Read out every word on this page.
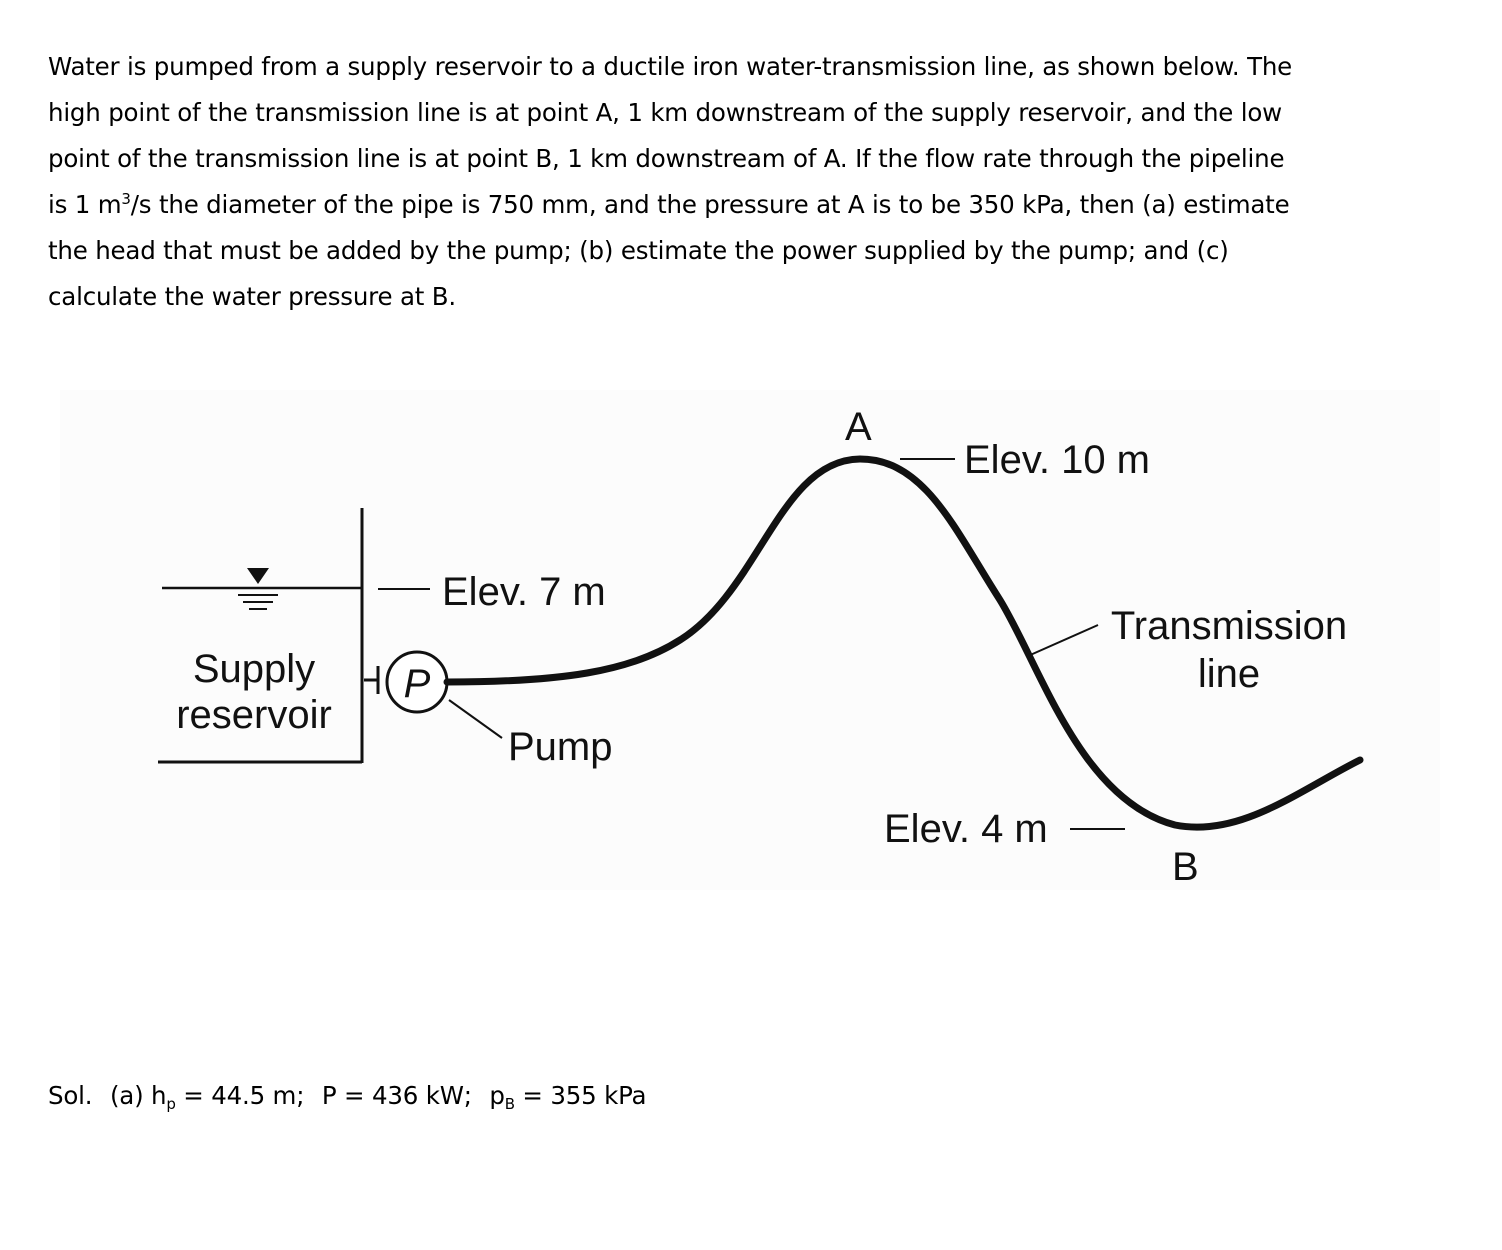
Water is pumped from a supply reservoir to a ductile iron water-transmission line, as shown below. The
high point of the transmission line is at point A, 1 km downstream of the supply reservoir, and the low
point of the transmission line is at point B, 1 km downstream of A. If the flow rate through the pipeline
is 1 $m^3/s$ the diameter of the pipe is 750 mm, and the pressure at A is to be 350 kPa, then (a) estimate
the head that must be added by the pump; (b) estimate the power supplied by the pump; and (c)
calculate the water pressure at B.
A
Elev. 10 m
Elev. 7 m
Supply
reservoir
P
Pump
Transmission
line
Elev. 4 m
B
Sol. (a) $h_p = 44.5$ m; P = 436 kW; $p_B = 355$ kPa
